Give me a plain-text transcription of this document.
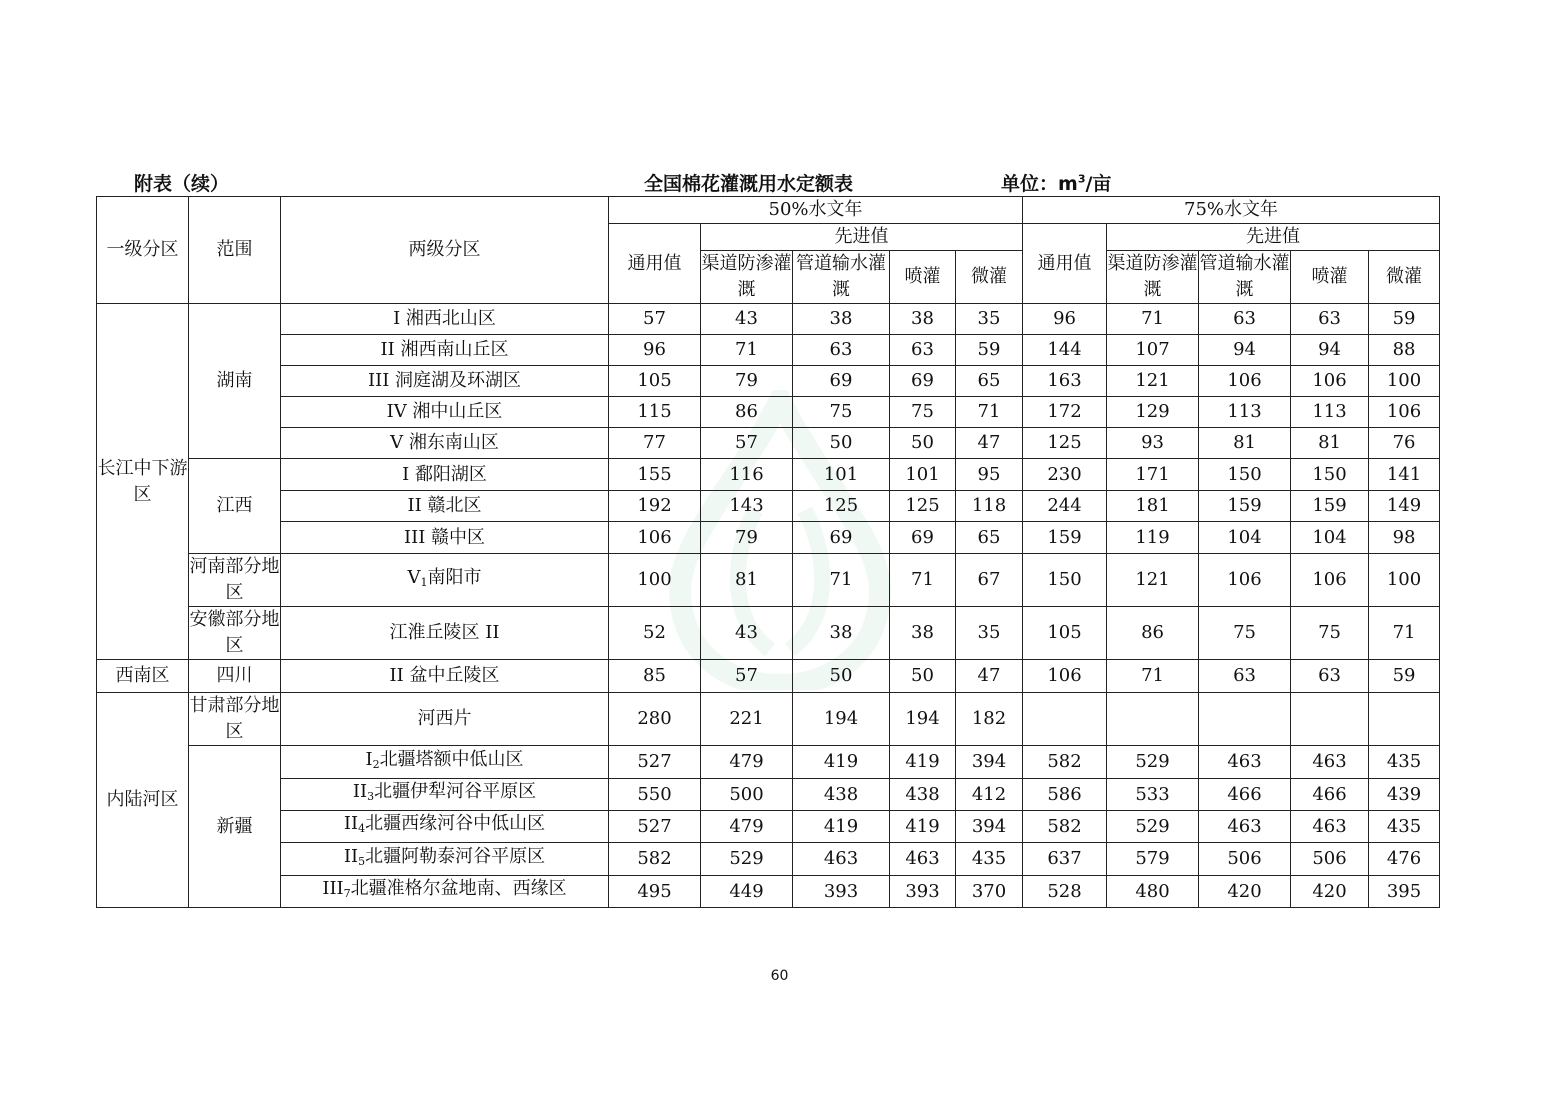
附表（续）	全国棉花灌溉用水定额表	单位：$m^3/$亩
一级分区	范围	两级分区	50%水文年					75%水文年				
			通用值	先进值				通用值	先进值			
				渠道防渗灌溉	管道输水灌溉	喷灌	微灌		渠道防渗灌溉	管道输水灌溉	喷灌	微灌
长江中下游区	湖南	I 湘西北山区	57	43	38	38	35	96	71	63	63	59
		II 湘西南山丘区	96	71	63	63	59	144	107	94	94	88
		III 洞庭湖及环湖区	105	79	69	69	65	163	121	106	106	100
		IV 湘中山丘区	115	86	75	75	71	172	129	113	113	106
		V 湘东南山区	77	57	50	50	47	125	93	81	81	76
	江西	I 鄱阳湖区	155	116	101	101	95	230	171	150	150	141
		II 赣北区	192	143	125	125	118	244	181	159	159	149
		III 赣中区	106	79	69	69	65	159	119	104	104	98
	河南部分地区	$V_1$南阳市	100	81	71	71	67	150	121	106	106	100
	安徽部分地区	江淮丘陵区 II	52	43	38	38	35	105	86	75	75	71
西南区	四川	II 盆中丘陵区	85	57	50	50	47	106	71	63	63	59
内陆河区	甘肃部分地区	河西片	280	221	194	194	182					
	新疆	$I_2$北疆塔额中低山区	527	479	419	419	394	582	529	463	463	435
		$II_3$北疆伊犁河谷平原区	550	500	438	438	412	586	533	466	466	439
		$II_4$北疆西缘河谷中低山区	527	479	419	419	394	582	529	463	463	435
		$II_5$北疆阿勒泰河谷平原区	582	529	463	463	435	637	579	506	506	476
		$III_7$北疆准格尔盆地南、西缘区	495	449	393	393	370	528	480	420	420	395
60
